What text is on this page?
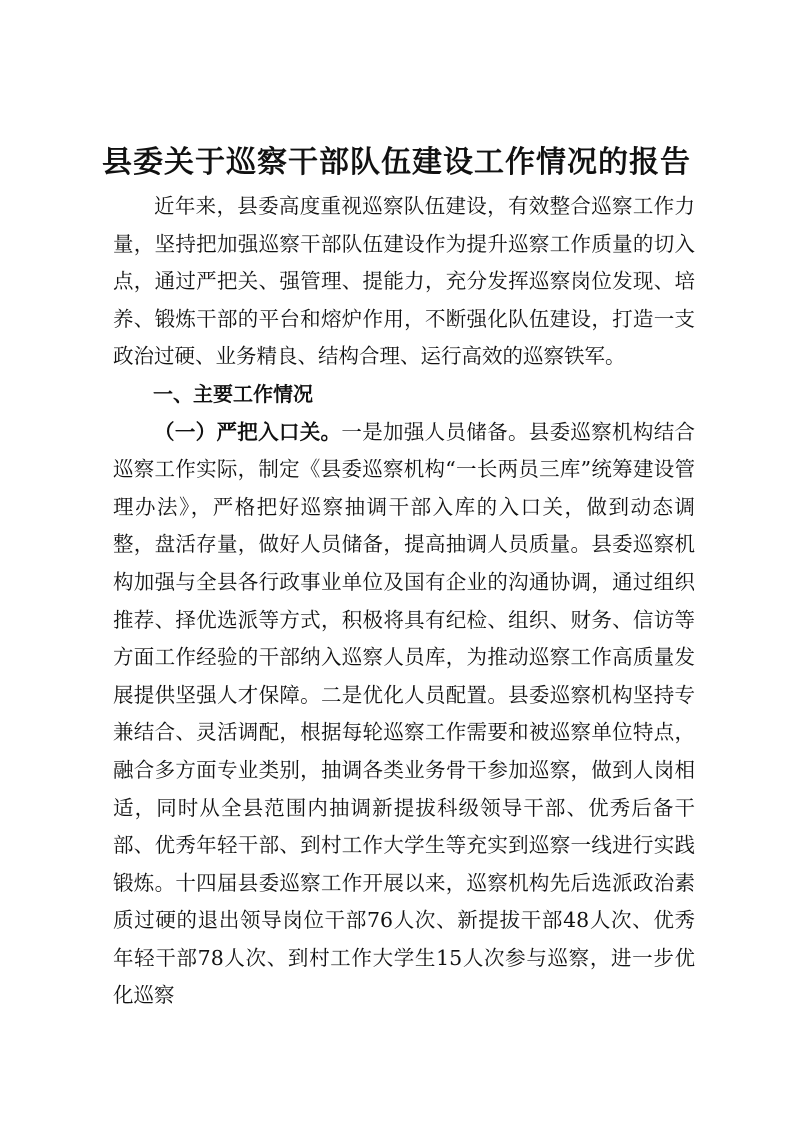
县委关于巡察干部队伍建设工作情况的报告

近年来，县委高度重视巡察队伍建设，有效整合巡察工作力量，坚持把加强巡察干部队伍建设作为提升巡察工作质量的切入点，通过严把关、强管理、提能力，充分发挥巡察岗位发现、培养、锻炼干部的平台和熔炉作用，不断强化队伍建设，打造一支政治过硬、业务精良、结构合理、运行高效的巡察铁军。

一、主要工作情况

（一）严把入口关。一是加强人员储备。县委巡察机构结合巡察工作实际，制定《县委巡察机构“一长两员三库”统筹建设管理办法》，严格把好巡察抽调干部入库的入口关，做到动态调整，盘活存量，做好人员储备，提高抽调人员质量。县委巡察机构加强与全县各行政事业单位及国有企业的沟通协调，通过组织推荐、择优选派等方式，积极将具有纪检、组织、财务、信访等方面工作经验的干部纳入巡察人员库，为推动巡察工作高质量发展提供坚强人才保障。二是优化人员配置。县委巡察机构坚持专兼结合、灵活调配，根据每轮巡察工作需要和被巡察单位特点，融合多方面专业类别，抽调各类业务骨干参加巡察，做到人岗相适，同时从全县范围内抽调新提拔科级领导干部、优秀后备干部、优秀年轻干部、到村工作大学生等充实到巡察一线进行实践锻炼。十四届县委巡察工作开展以来，巡察机构先后选派政治素质过硬的退出领导岗位干部76人次、新提拔干部48人次、优秀年轻干部78人次、到村工作大学生15人次参与巡察，进一步优化巡察
